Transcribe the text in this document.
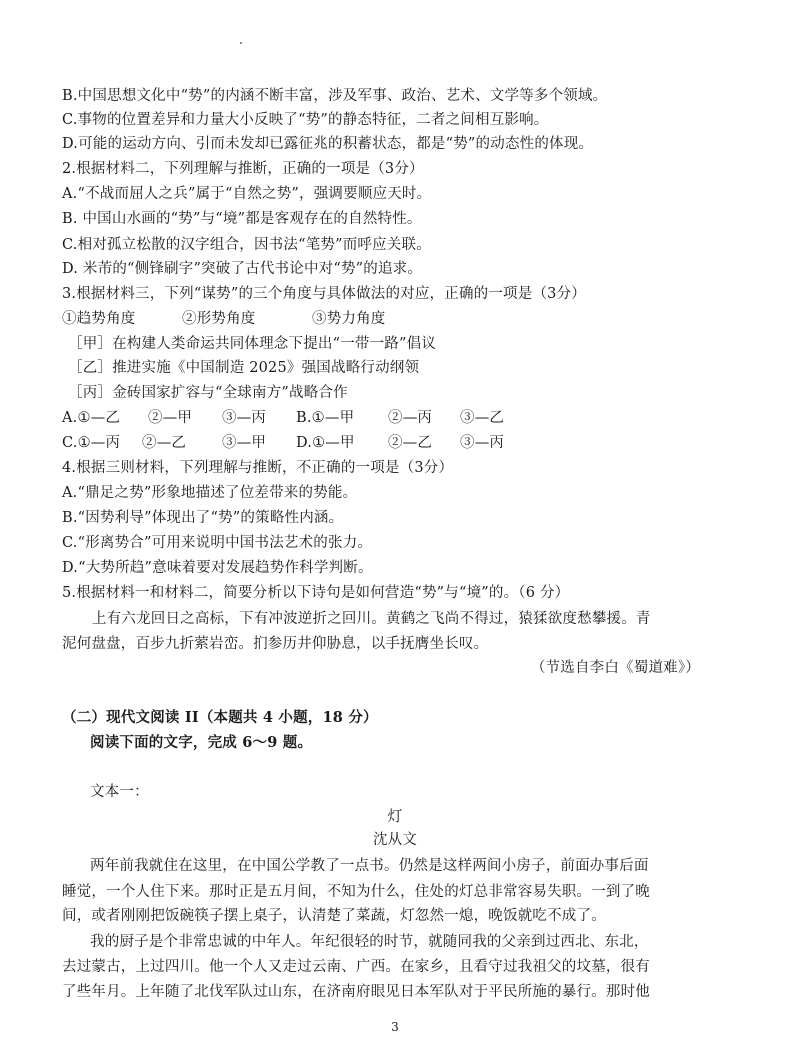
B.中国思想文化中“势”的内涵不断丰富，涉及军事、政治、艺术、文学等多个领域。
C.事物的位置差异和力量大小反映了“势”的静态特征，二者之间相互影响。
D.可能的运动方向、引而未发却已露征兆的积蓄状态，都是“势”的动态性的体现。
2.根据材料二，下列理解与推断，正确的一项是（3分）
A.“不战而屈人之兵”属于“自然之势”，强调要顺应天时。
B. 中国山水画的“势”与“境”都是客观存在的自然特性。
C.相对孤立松散的汉字组合，因书法“笔势”而呼应关联。
D. 米芾的“侧锋刷字”突破了古代书论中对“势”的追求。
3.根据材料三，下列“谋势”的三个角度与具体做法的对应，正确的一项是（3分）
①趋势角度	②形势角度	③势力角度
［甲］在构建人类命运共同体理念下提出“一带一路”倡议
［乙］推进实施《中国制造 2025》强国战略行动纲领
［丙］金砖国家扩容与“全球南方”战略合作
A.①—乙 ②—甲 ③—丙 B.①—甲 ②—丙 ③—乙
C.①—丙 ②—乙 ③—甲 D.①—甲 ②—乙 ③—丙
4.根据三则材料，下列理解与推断，不正确的一项是（3分）
A.“鼎足之势”形象地描述了位差带来的势能。
B.“因势利导”体现出了“势”的策略性内涵。
C.“形离势合”可用来说明中国书法艺术的张力。
D.“大势所趋”意味着要对发展趋势作科学判断。
5.根据材料一和材料二，简要分析以下诗句是如何营造“势”与“境”的。（6 分）
上有六龙回日之高标，下有冲波逆折之回川。黄鹤之飞尚不得过，猿猱欲度愁攀援。青
泥何盘盘，百步九折萦岩峦。扪参历井仰胁息，以手抚膺坐长叹。
（节选自李白《蜀道难》）
（二）现代文阅读 II（本题共 4 小题，18 分）
阅读下面的文字，完成 6～9 题。
文本一：
灯
沈从文
两年前我就住在这里，在中国公学教了一点书。仍然是这样两间小房子，前面办事后面
睡觉，一个人住下来。那时正是五月间，不知为什么，住处的灯总非常容易失职。一到了晚
间，或者刚刚把饭碗筷子摆上桌子，认清楚了菜蔬，灯忽然一熄，晚饭就吃不成了。
我的厨子是个非常忠诚的中年人。年纪很轻的时节，就随同我的父亲到过西北、东北，
去过蒙古，上过四川。他一个人又走过云南、广西。在家乡，且看守过我祖父的坟墓，很有
了些年月。上年随了北伐军队过山东，在济南府眼见日本军队对于平民所施的暴行。那时他
3
